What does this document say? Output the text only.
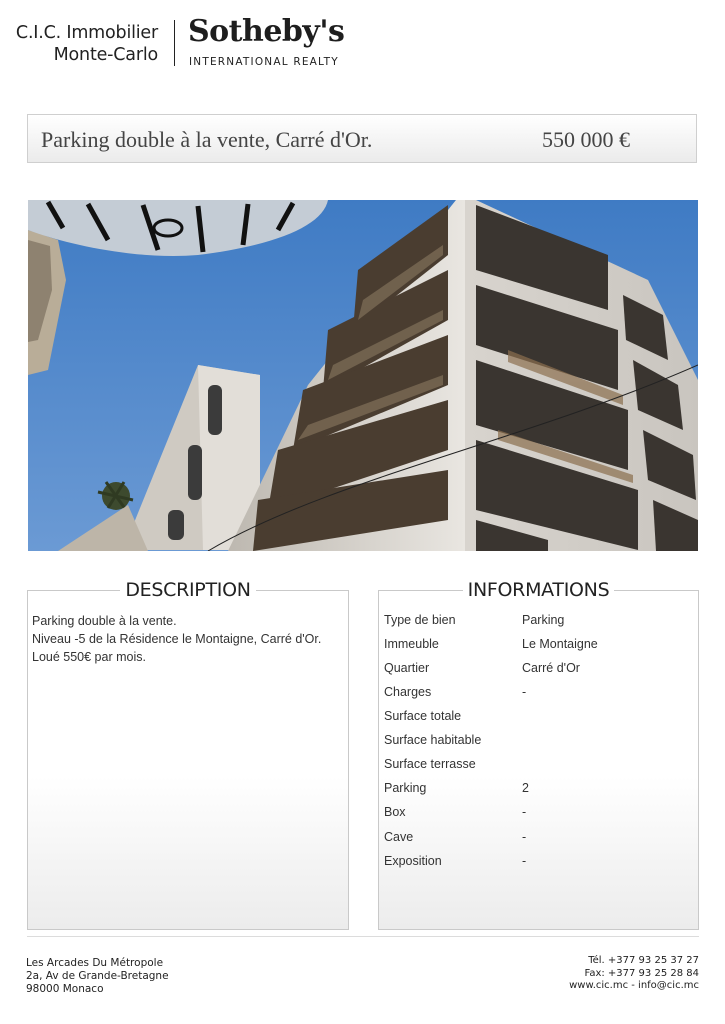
C.I.C. Immobilier
Monte-Carlo
Sotheby's
INTERNATIONAL REALTY
Parking double à la vente, Carré d'Or.	550 000 €
DESCRIPTION
Parking double à la vente.
Niveau -5 de la Résidence le Montaigne, Carré d'Or.
Loué 550€ par mois.
INFORMATIONS
Type de bien	Parking
Immeuble	Le Montaigne
Quartier	Carré d'Or
Charges	-
Surface totale
Surface habitable
Surface terrasse
Parking	2
Box	-
Cave	-
Exposition	-
Les Arcades Du Métropole
2a, Av de Grande-Bretagne
98000 Monaco
Tél. +377 93 25 37 27
Fax: +377 93 25 28 84
www.cic.mc - info@cic.mc
